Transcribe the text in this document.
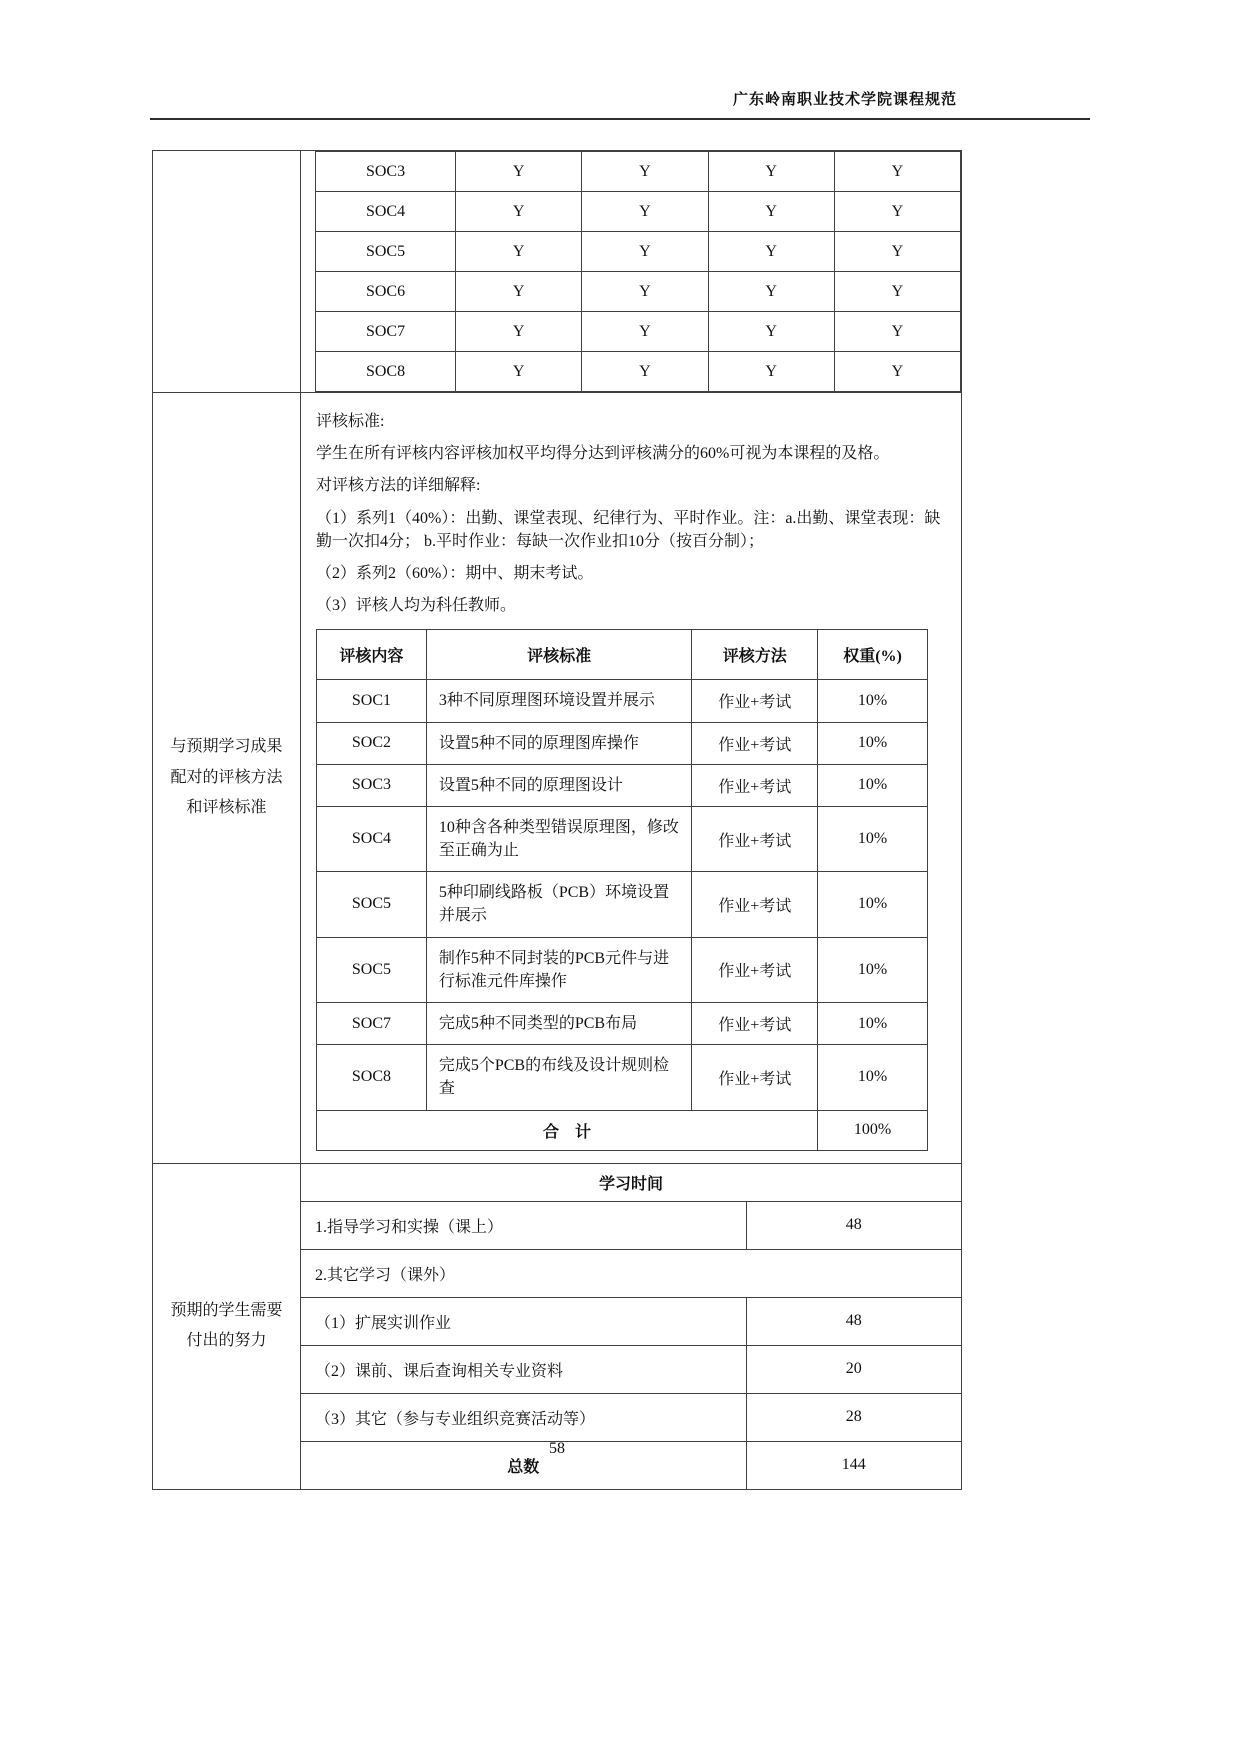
广东岭南职业技术学院课程规范
SOC3	Y	Y	Y	Y
SOC4	Y	Y	Y	Y
SOC5	Y	Y	Y	Y
SOC6	Y	Y	Y	Y
SOC7	Y	Y	Y	Y
SOC8	Y	Y	Y	Y
与预期学习成果配对的评核方法和评核标准

评核标准:

学生在所有评核内容评核加权平均得分达到评核满分的60%可视为本课程的及格。

对评核方法的详细解释:

（1）系列1（40%）：出勤、课堂表现、纪律行为、平时作业。注：a.出勤、课堂表现：缺勤一次扣4分； b.平时作业：每缺一次作业扣10分（按百分制）；

（2）系列2（60%）：期中、期末考试。

（3）评核人均为科任教师。

评核内容	评核标准	评核方法	权重(%)
SOC1	3种不同原理图环境设置并展示	作业+考试	10%
SOC2	设置5种不同的原理图库操作	作业+考试	10%
SOC3	设置5种不同的原理图设计	作业+考试	10%
SOC4	10种含各种类型错误原理图，修改至正确为止	作业+考试	10%
SOC5	5种印刷线路板（PCB）环境设置并展示	作业+考试	10%
SOC5	制作5种不同封装的PCB元件与进行标准元件库操作	作业+考试	10%
SOC7	完成5种不同类型的PCB布局	作业+考试	10%
SOC8	完成5个PCB的布线及设计规则检查	作业+考试	10%
合　计			100%
预期的学生需要付出的努力
学习时间	
1.指导学习和实操（课上）	48
2.其它学习（课外）	
（1）扩展实训作业	48
（2）课前、课后查询相关专业资料	20
（3）其它（参与专业组织竞赛活动等）	28
总数	144
58
